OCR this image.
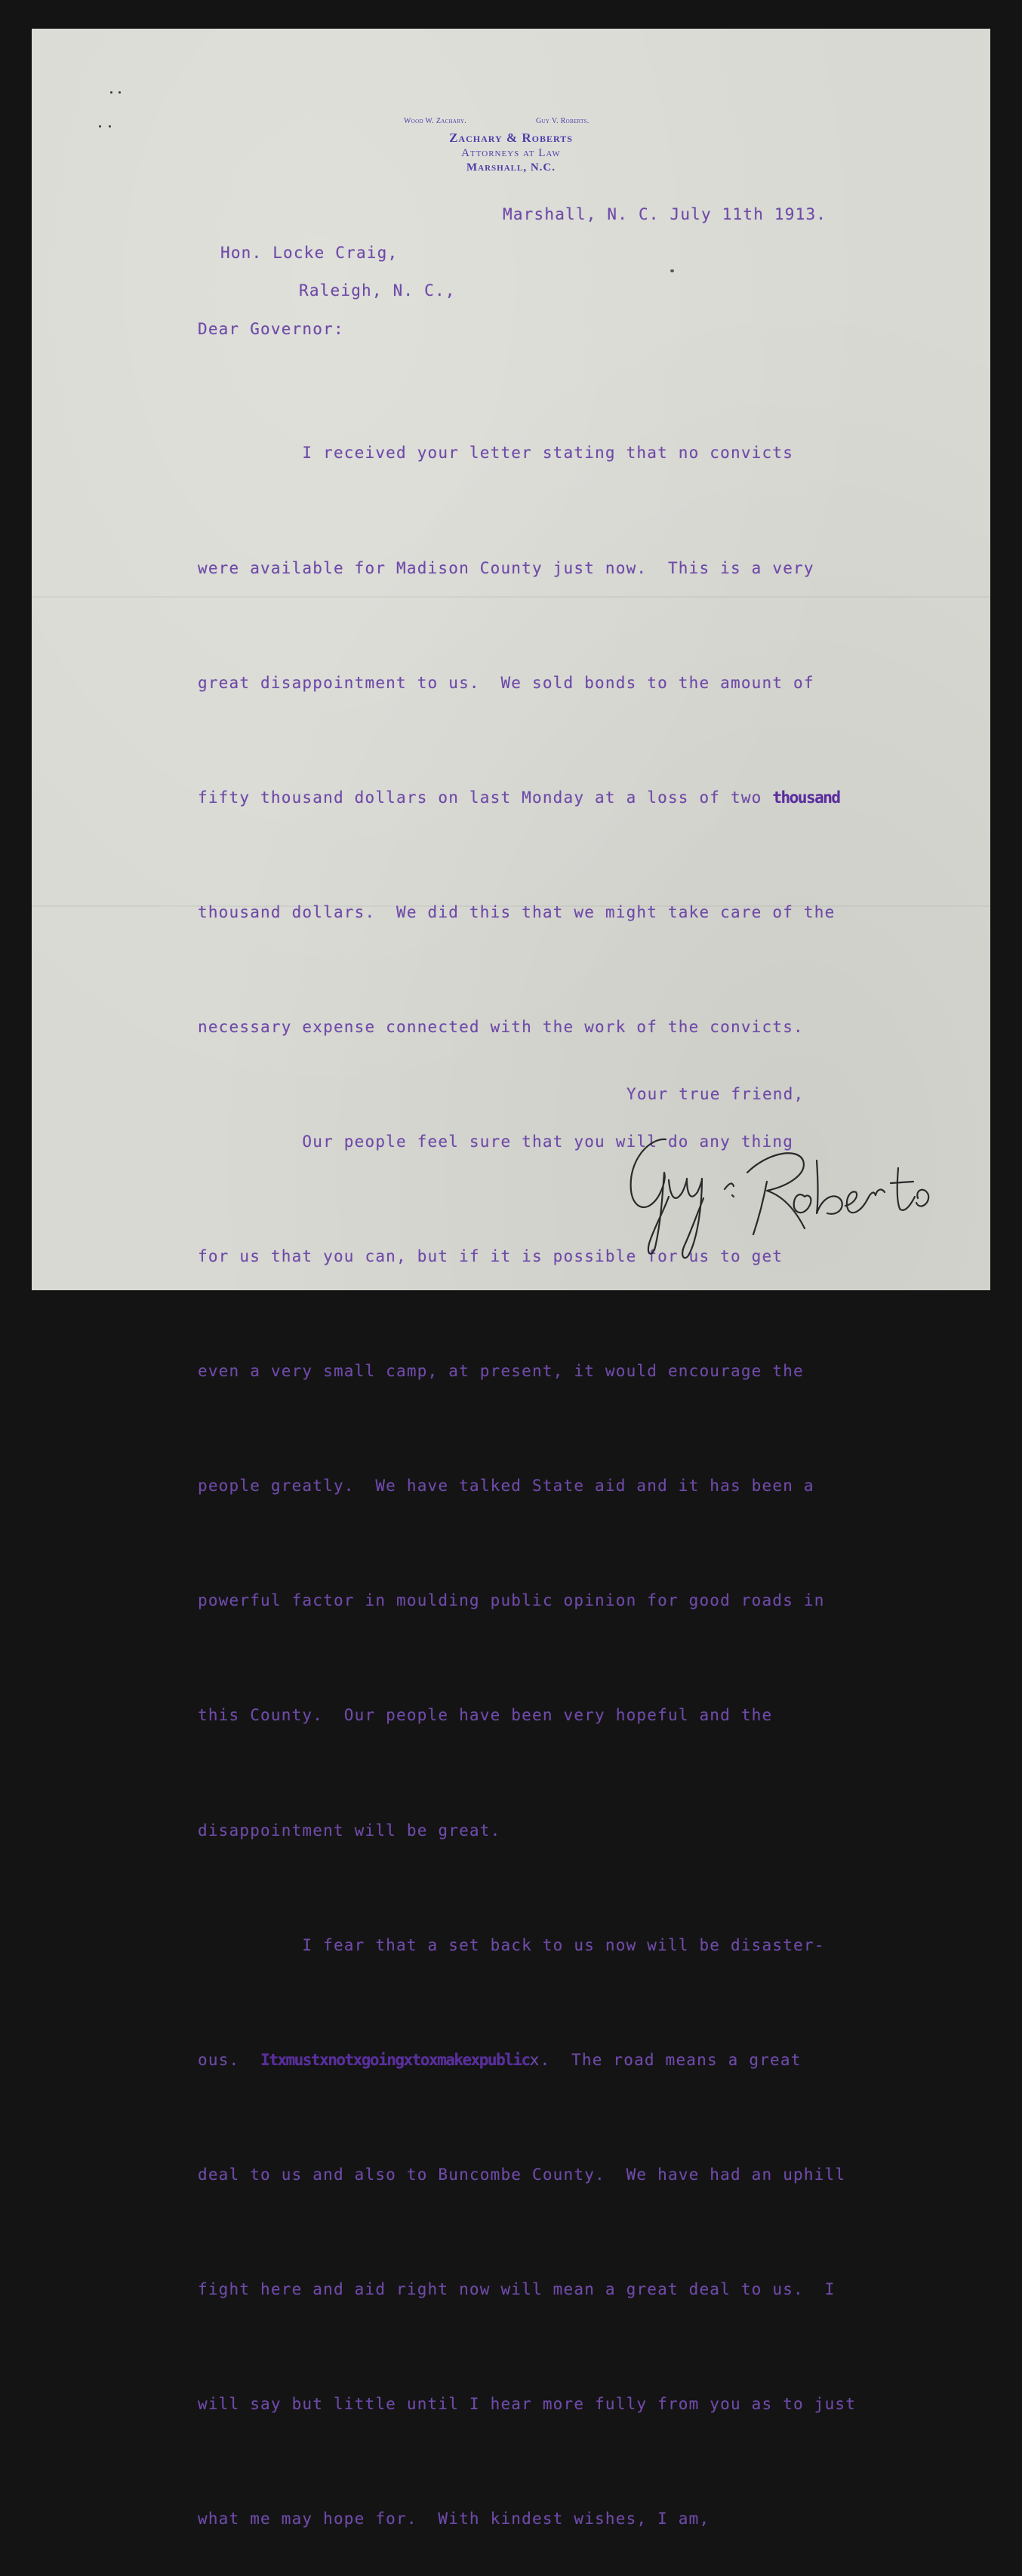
Wood W. Zachary.	Guy V. Roberts.
Zachary & Roberts
Attorneys at Law
Marshall, N.C.
Marshall, N. C. July 11th 1913.
Hon. Locke Craig,
Raleigh, N. C.,
Dear Governor:

I received your letter stating that no convicts

were available for Madison County just now.  This is a very

great disappointment to us.  We sold bonds to the amount of

fifty thousand dollars on last Monday at a loss of two thousand

thousand dollars.  We did this that we might take care of the

necessary expense connected with the work of the convicts.

Our people feel sure that you will do any thing

for us that you can, but if it is possible for us to get

even a very small camp, at present, it would encourage the

people greatly.  We have talked State aid and it has been a

powerful factor in moulding public opinion for good roads in

this County.  Our people have been very hopeful and the

disappointment will be great.

I fear that a set back to us now will be disaster-

ous.  Itxmustxnotxgoingxtoxmakexpublicx.  The road means a great

deal to us and also to Buncombe County.  We have had an uphill

fight here and aid right now will mean a great deal to us.  I

will say but little until I hear more fully from you as to just

what me may hope for.  With kindest wishes, I am,

Your true friend,
